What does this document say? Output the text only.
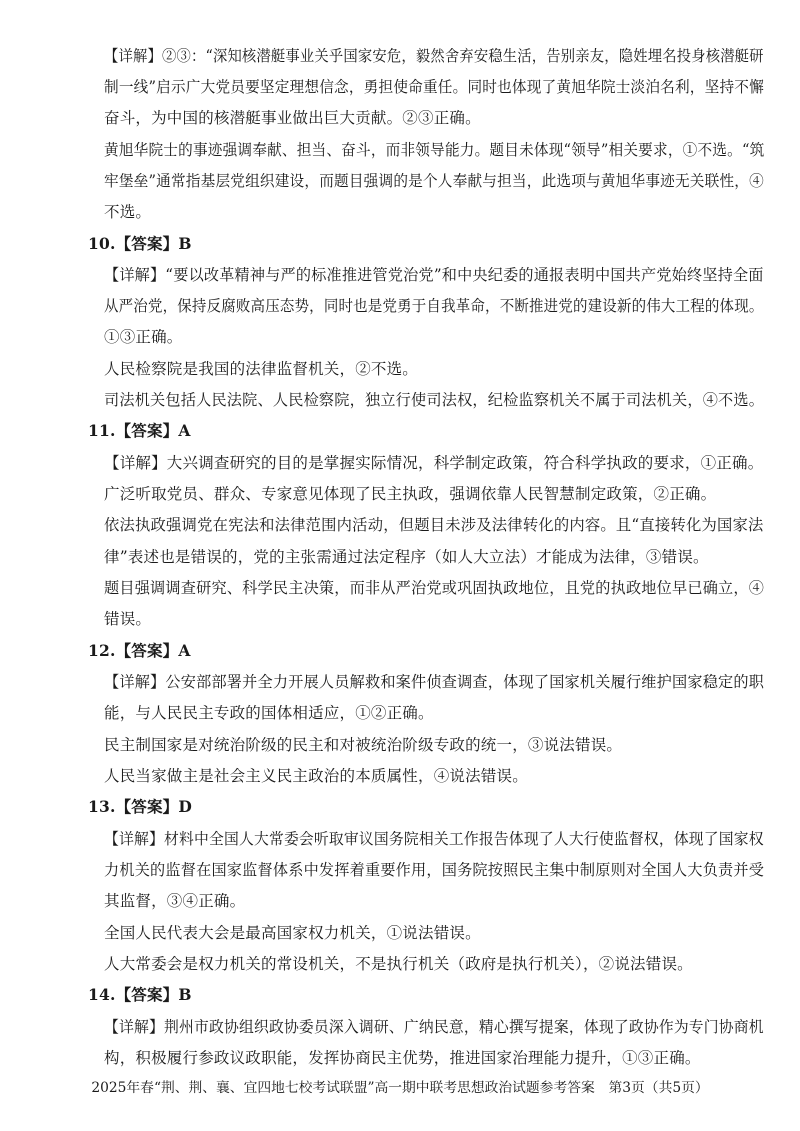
【详解】②③：“深知核潜艇事业关乎国家安危，毅然舍弃安稳生活，告别亲友，隐姓埋名投身核潜艇研
制一线”启示广大党员要坚定理想信念，勇担使命重任。同时也体现了黄旭华院士淡泊名利，坚持不懈
奋斗，为中国的核潜艇事业做出巨大贡献。②③正确。
黄旭华院士的事迹强调奉献、担当、奋斗，而非领导能力。题目未体现“领导”相关要求，①不选。“筑
牢堡垒”通常指基层党组织建设，而题目强调的是个人奉献与担当，此选项与黄旭华事迹无关联性，④
不选。
10.【答案】B
【详解】“要以改革精神与严的标准推进管党治党”和中央纪委的通报表明中国共产党始终坚持全面
从严治党，保持反腐败高压态势，同时也是党勇于自我革命，不断推进党的建设新的伟大工程的体现。
①③正确。
人民检察院是我国的法律监督机关，②不选。
司法机关包括人民法院、人民检察院，独立行使司法权，纪检监察机关不属于司法机关，④不选。
11.【答案】A
【详解】大兴调查研究的目的是掌握实际情况，科学制定政策，符合科学执政的要求，①正确。
广泛听取党员、群众、专家意见体现了民主执政，强调依靠人民智慧制定政策，②正确。
依法执政强调党在宪法和法律范围内活动，但题目未涉及法律转化的内容。且“直接转化为国家法
律”表述也是错误的，党的主张需通过法定程序（如人大立法）才能成为法律，③错误。
题目强调调查研究、科学民主决策，而非从严治党或巩固执政地位，且党的执政地位早已确立，④
错误。
12.【答案】A
【详解】公安部部署并全力开展人员解救和案件侦查调查，体现了国家机关履行维护国家稳定的职
能，与人民民主专政的国体相适应，①②正确。
民主制国家是对统治阶级的民主和对被统治阶级专政的统一，③说法错误。
人民当家做主是社会主义民主政治的本质属性，④说法错误。
13.【答案】D
【详解】材料中全国人大常委会听取审议国务院相关工作报告体现了人大行使监督权，体现了国家权
力机关的监督在国家监督体系中发挥着重要作用，国务院按照民主集中制原则对全国人大负责并受
其监督，③④正确。
全国人民代表大会是最高国家权力机关，①说法错误。
人大常委会是权力机关的常设机关，不是执行机关（政府是执行机关），②说法错误。
14.【答案】B
【详解】荆州市政协组织政协委员深入调研、广纳民意，精心撰写提案，体现了政协作为专门协商机
构，积极履行参政议政职能，发挥协商民主优势，推进国家治理能力提升，①③正确。
2025年春“荆、荆、襄、宜四地七校考试联盟”高一期中联考思想政治试题参考答案　第3页（共5页）
